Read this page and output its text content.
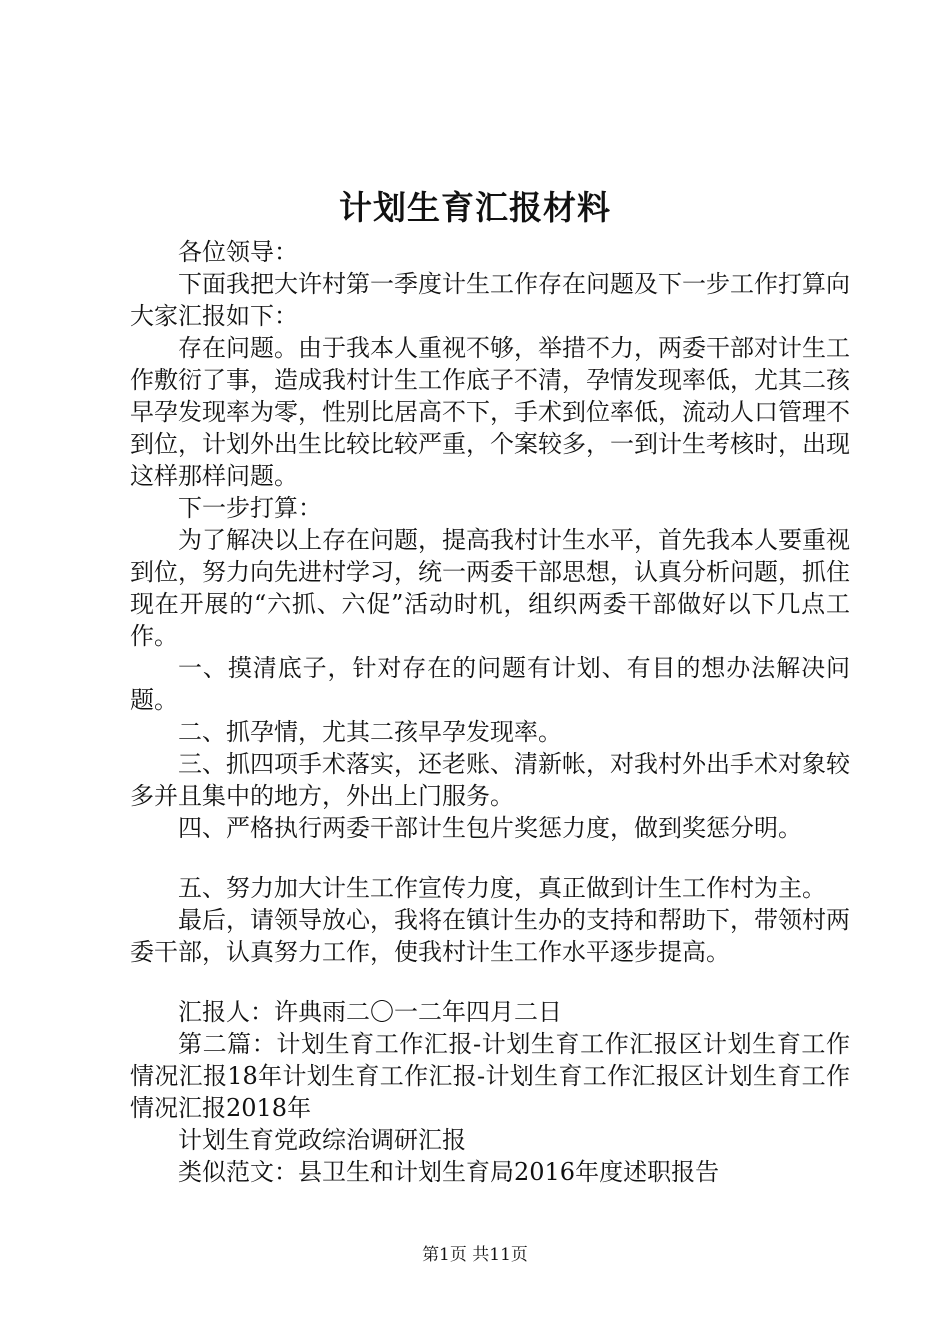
计划生育汇报材料

各位领导：

下面我把大许村第一季度计生工作存在问题及下一步工作打算向大家汇报如下：

存在问题。由于我本人重视不够，举措不力，两委干部对计生工作敷衍了事，造成我村计生工作底子不清，孕情发现率低，尤其二孩早孕发现率为零，性别比居高不下，手术到位率低，流动人口管理不到位，计划外出生比较比较严重，个案较多，一到计生考核时，出现这样那样问题。

下一步打算：

为了解决以上存在问题，提高我村计生水平，首先我本人要重视到位，努力向先进村学习，统一两委干部思想，认真分析问题，抓住现在开展的“六抓、六促”活动时机，组织两委干部做好以下几点工作。

一、摸清底子，针对存在的问题有计划、有目的想办法解决问题。

二、抓孕情，尤其二孩早孕发现率。

三、抓四项手术落实，还老账、清新帐，对我村外出手术对象较多并且集中的地方，外出上门服务。

四、严格执行两委干部计生包片奖惩力度，做到奖惩分明。

五、努力加大计生工作宣传力度，真正做到计生工作村为主。

最后，请领导放心，我将在镇计生办的支持和帮助下，带领村两委干部，认真努力工作，使我村计生工作水平逐步提高。

汇报人：许典雨二〇一二年四月二日

第二篇：计划生育工作汇报-计划生育工作汇报区计划生育工作情况汇报18年计划生育工作汇报-计划生育工作汇报区计划生育工作情况汇报2018年

计划生育党政综治调研汇报

类似范文：县卫生和计划生育局2016年度述职报告

第1页 共11页
